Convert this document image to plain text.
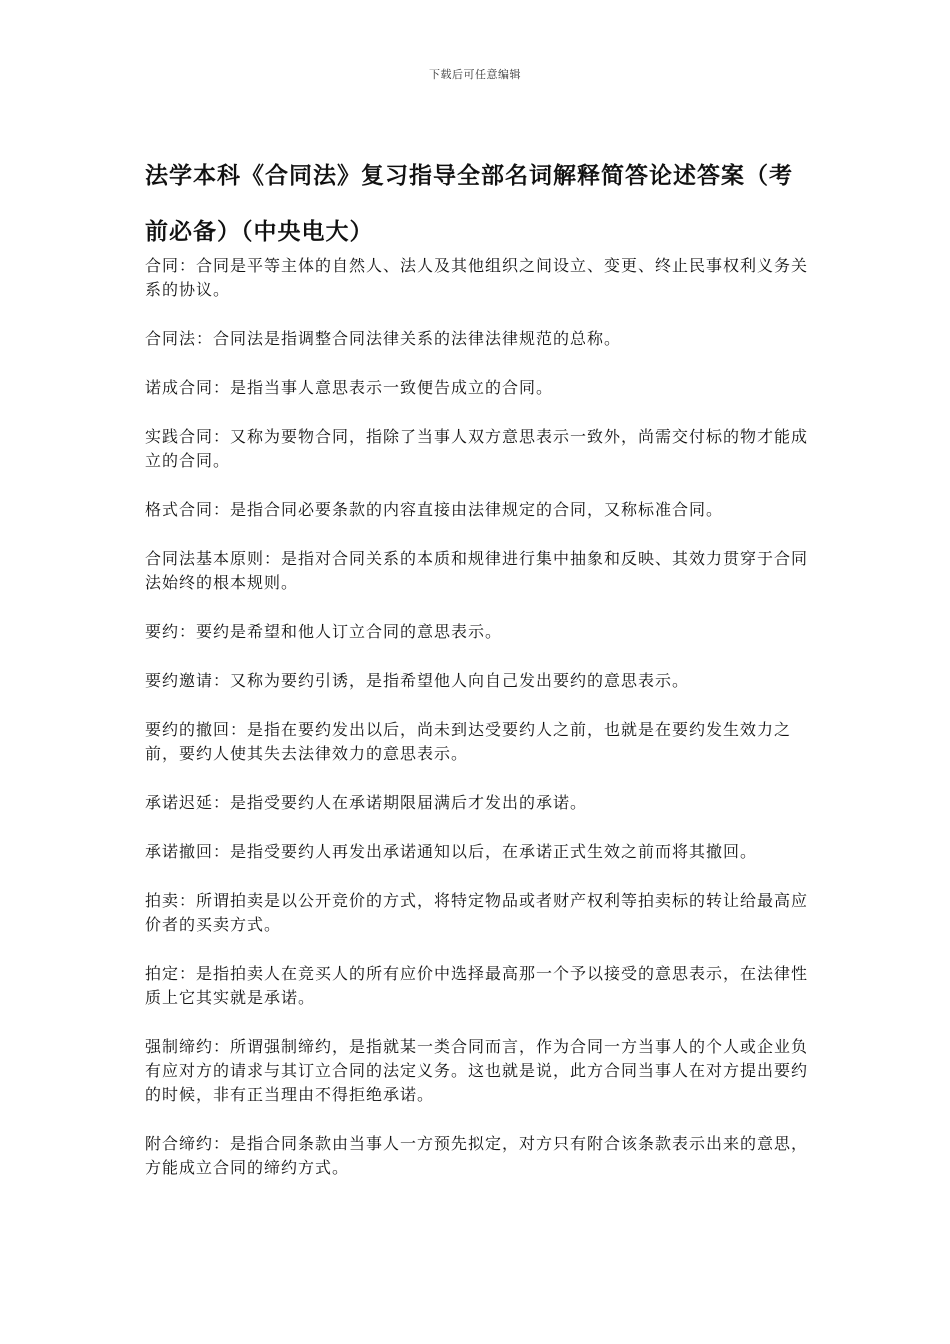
下载后可任意编辑
法学本科《合同法》复习指导全部名词解释简答论述答案（考前必备）（中央电大）

合同：合同是平等主体的自然人、法人及其他组织之间设立、变更、终止民事权利义务关系的协议。

合同法：合同法是指调整合同法律关系的法律法律规范的总称。

诺成合同：是指当事人意思表示一致便告成立的合同。

实践合同：又称为要物合同，指除了当事人双方意思表示一致外，尚需交付标的物才能成立的合同。

格式合同：是指合同必要条款的内容直接由法律规定的合同，又称标准合同。

合同法基本原则：是指对合同关系的本质和规律进行集中抽象和反映、其效力贯穿于合同法始终的根本规则。

要约：要约是希望和他人订立合同的意思表示。

要约邀请：又称为要约引诱，是指希望他人向自己发出要约的意思表示。

要约的撤回：是指在要约发出以后，尚未到达受要约人之前，也就是在要约发生效力之前，要约人使其失去法律效力的意思表示。

承诺迟延：是指受要约人在承诺期限届满后才发出的承诺。

承诺撤回：是指受要约人再发出承诺通知以后，在承诺正式生效之前而将其撤回。

拍卖：所谓拍卖是以公开竞价的方式，将特定物品或者财产权利等拍卖标的转让给最高应价者的买卖方式。

拍定：是指拍卖人在竞买人的所有应价中选择最高那一个予以接受的意思表示，在法律性质上它其实就是承诺。

强制缔约：所谓强制缔约，是指就某一类合同而言，作为合同一方当事人的个人或企业负有应对方的请求与其订立合同的法定义务。这也就是说，此方合同当事人在对方提出要约的时候，非有正当理由不得拒绝承诺。

附合缔约：是指合同条款由当事人一方预先拟定，对方只有附合该条款表示出来的意思，方能成立合同的缔约方式。
